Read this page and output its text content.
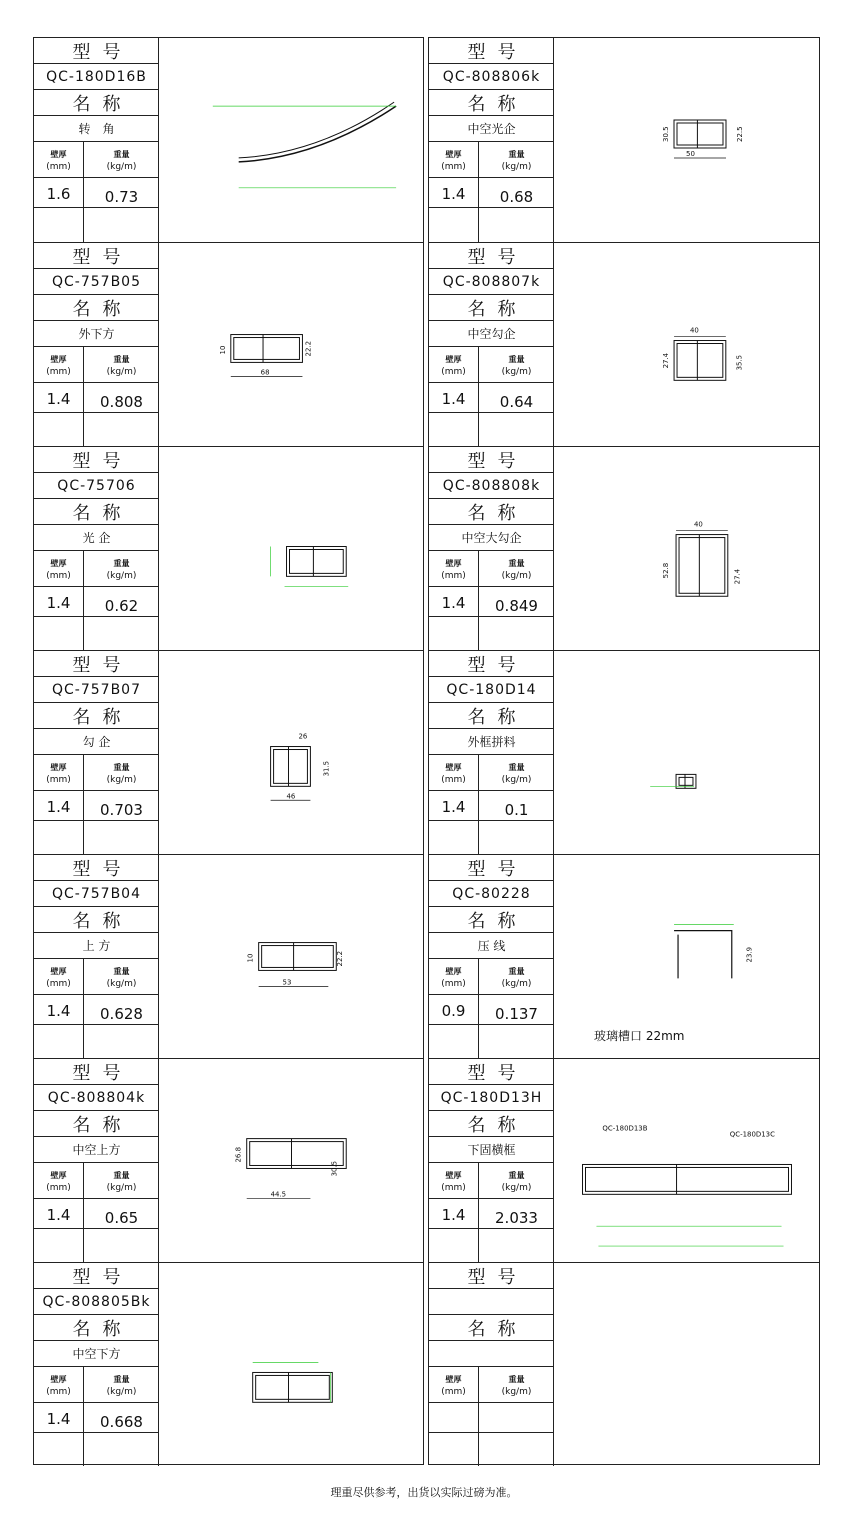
型号
QC-180D16B
名称
转　角
壁厚
(mm)
重量
(kg/m)
1.6	0.73
型号
QC-757B05
名称
外下方
壁厚
(mm)
重量
(kg/m)
1.4	0.808
10	22.2
68
型号
QC-75706
名称
光 企
壁厚
(mm)
重量
(kg/m)
1.4	0.62
型号
QC-757B07
名称
勾 企
壁厚
(mm)
重量
(kg/m)
1.4	0.703
26
31.5
46
型号
QC-757B04
名称
上 方
壁厚
(mm)
重量
(kg/m)
1.4	0.628
10	22.2
53
型号
QC-808804k
名称
中空上方
壁厚
(mm)
重量
(kg/m)
1.4	0.65
26.8
30.5
44.5
型号
QC-808805Bk
名称
中空下方
壁厚
(mm)
重量
(kg/m)
1.4	0.668
型号
QC-808806k
名称
中空光企
壁厚
(mm)
重量
(kg/m)
1.4	0.68
30.5	22.5
50
型号
QC-808807k
名称
中空勾企
壁厚
(mm)
重量
(kg/m)
1.4	0.64
40
27.4	35.5
型号
QC-808808k
名称
中空大勾企
壁厚
(mm)
重量
(kg/m)
1.4	0.849
40
52.8	27.4
型号
QC-180D14
名称
外框拼料
壁厚
(mm)
重量
(kg/m)
1.4	0.1
型号
QC-80228
名称
压 线
壁厚
(mm)
重量
(kg/m)
0.9	0.137
23.9
玻璃槽口 22mm
型号
QC-180D13H
名称
下固横框
壁厚
(mm)
重量
(kg/m)
1.4	2.033
QC-180D13B
QC-180D13C
型号
名称
壁厚
(mm)
重量
(kg/m)
理重尽供参考，出货以实际过磅为准。
